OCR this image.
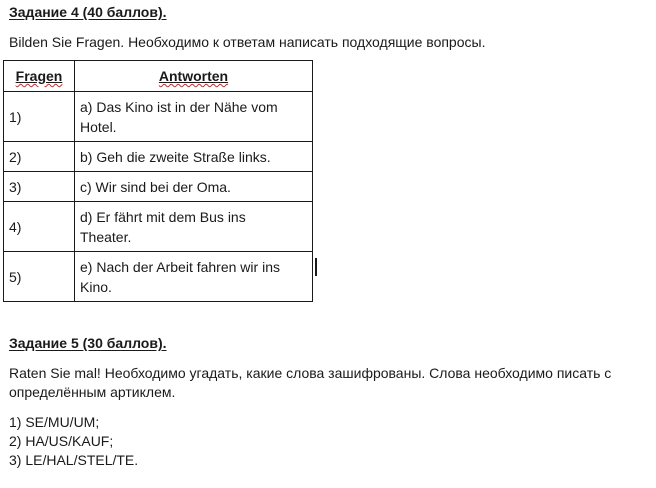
Задание 4 (40 баллов).
Bilden Sie Fragen. Необходимо к ответам написать подходящие вопросы.
Fragen	Antworten
1)	a) Das Kino ist in der Nähe vom
Hotel.

2)	b) Geh die zweite Straße links.

3)	c) Wir sind bei der Oma.

4)	d) Er fährt mit dem Bus ins
Theater.

5)	e) Nach der Arbeit fahren wir ins
Kino.
Задание 5 (30 баллов).
Raten Sie mal! Необходимо угадать, какие слова зашифрованы. Слова необходимо писать с
определённым артиклем.
1) SE/MU/UM;
2) HA/US/KAUF;
3) LE/HAL/STEL/TE.
